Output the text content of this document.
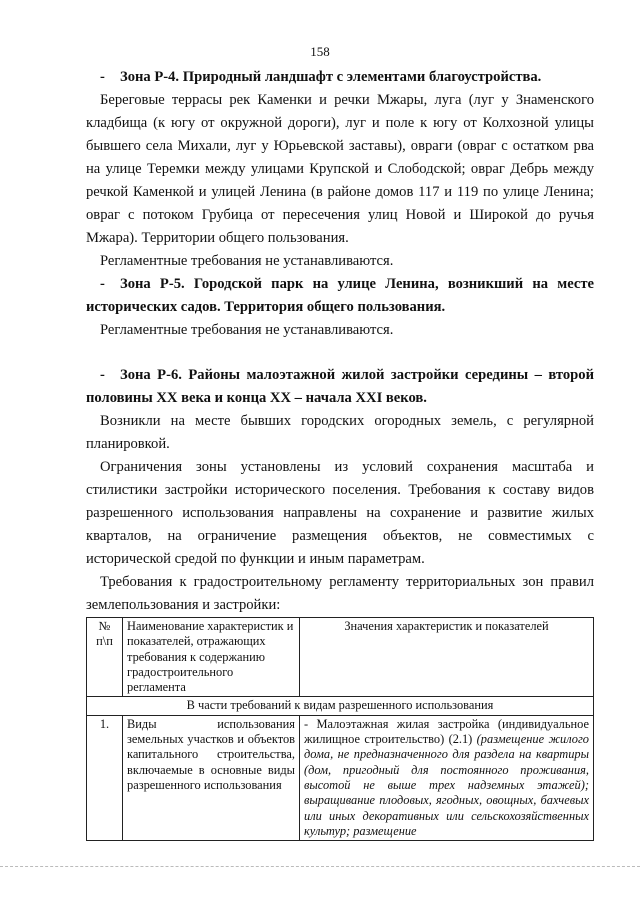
158

- Зона Р-4. Природный ландшафт с элементами благоустройства.

Береговые террасы рек Каменки и речки Мжары, луга (луг у Знаменского кладбища (к югу от окружной дороги), луг и поле к югу от Колхозной улицы бывшего села Михали, луг у Юрьевской заставы), овраги (овраг с остатком рва на улице Теремки между улицами Крупской и Слободской; овраг Дебрь между речкой Каменкой и улицей Ленина (в районе домов 117 и 119 по улице Ленина; овраг с потоком Грубица от пересечения улиц Новой и Широкой до ручья Мжара). Территории общего пользования.

Регламентные требования не устанавливаются.

- Зона Р-5. Городской парк на улице Ленина, возникший на месте исторических садов. Территория общего пользования.

Регламентные требования не устанавливаются.

- Зона Р-6. Районы малоэтажной жилой застройки середины – второй половины XX века и конца XX – начала XXI веков.

Возникли на месте бывших городских огородных земель, с регулярной планировкой.

Ограничения зоны установлены из условий сохранения масштаба и стилистики застройки исторического поселения. Требования к составу видов разрешенного использования направлены на сохранение и развитие жилых кварталов, на ограничение размещения объектов, не совместимых с исторической средой по функции и иным параметрам.

Требования к градостроительному регламенту территориальных зон правил землепользования и застройки:

№ п\п	Наименование характеристик и показателей, отражающих требования к содержанию градостроительного регламента	Значения характеристик и показателей
В части требований к видам разрешенного использования		
1.	Виды использования земельных участков и объектов капитального строительства, включаемые в основные виды разрешенного использования	- Малоэтажная жилая застройка (индивидуальное жилищное строительство) (2.1) (размещение жилого дома, не предназначенного для раздела на квартиры (дом, пригодный для постоянного проживания, высотой не выше трех надземных этажей); выращивание плодовых, ягодных, овощных, бахчевых или иных декоративных или сельскохозяйственных культур; размещение
